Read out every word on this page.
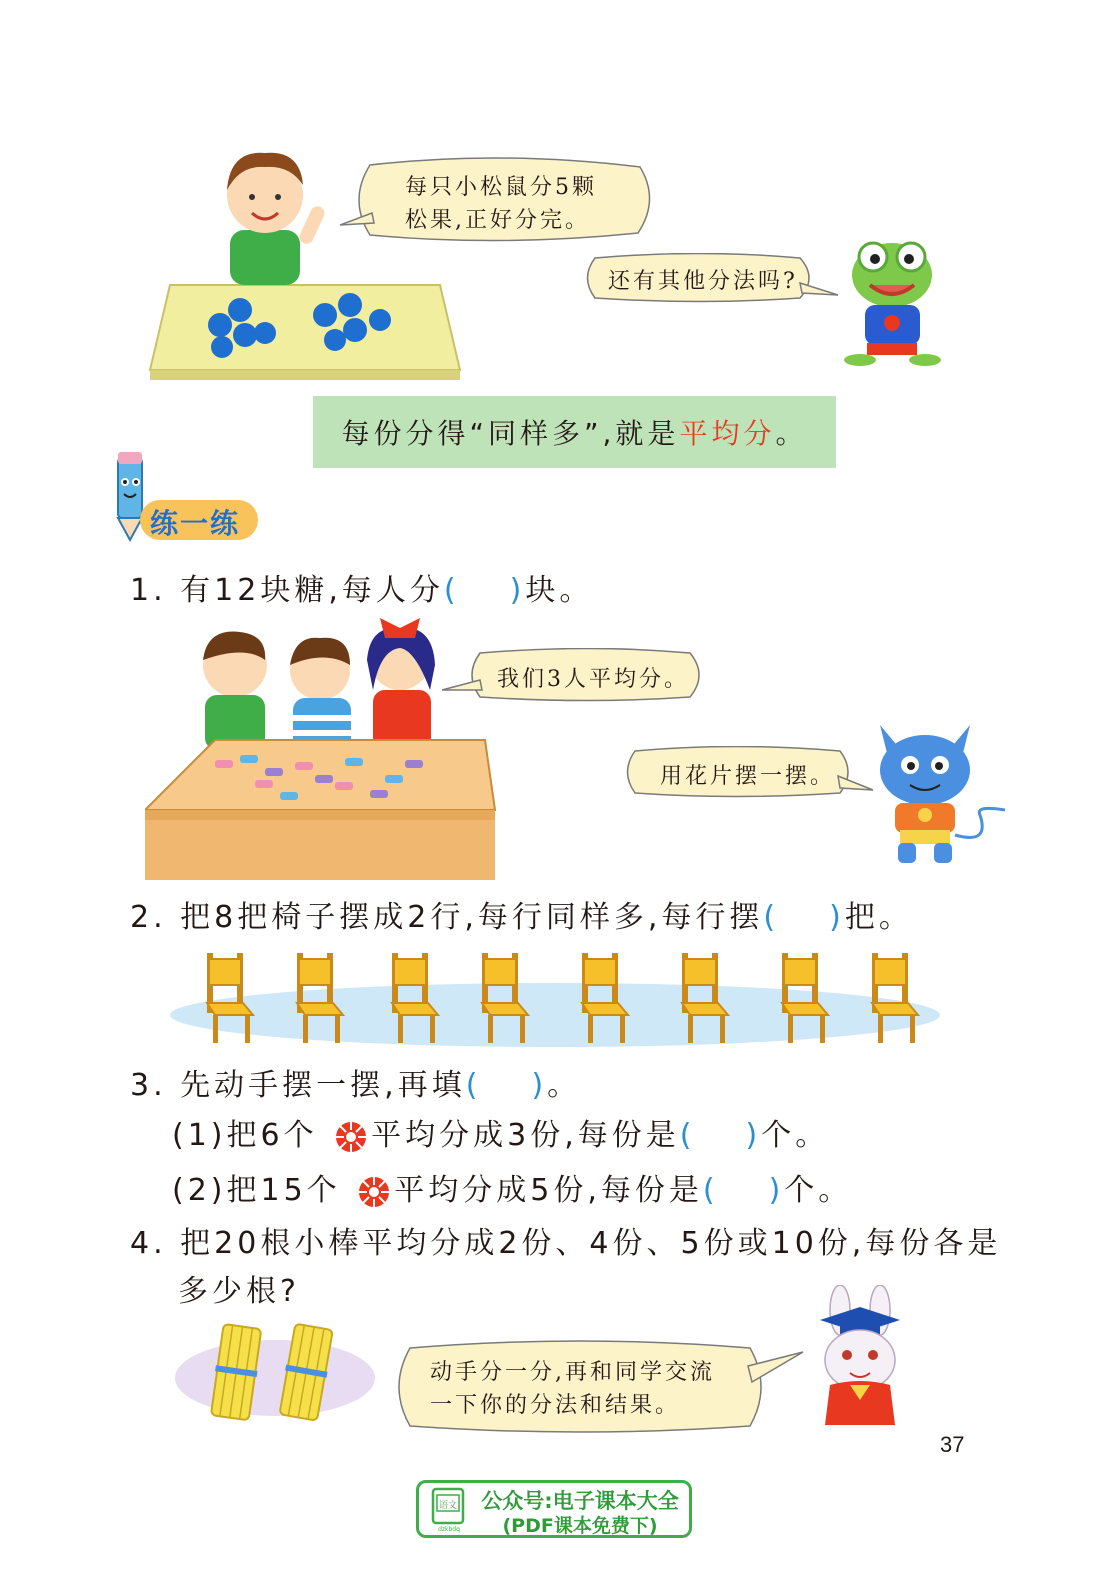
每只小松鼠分5颗
松果,正好分完。
还有其他分法吗?
每份分得“同样多”,就是 平均分 。
练一练
1. 有12块糖,每人分( )块。
我们3人平均分。
用花片摆一摆。
2. 把8把椅子摆成2行,每行同样多,每行摆( )把。
3. 先动手摆一摆,再填( )。
(1)把6个 平均分成3份,每份是( )个。
(2)把15个 平均分成5份,每份是( )个。
4. 把20根小棒平均分成2份、4份、5份或10份,每份各是
多少根?
动手分一分,再和同学交流
一下你的分法和结果。
37
语文
dzkbdq
公众号:电子课本大全
(PDF课本免费下)
